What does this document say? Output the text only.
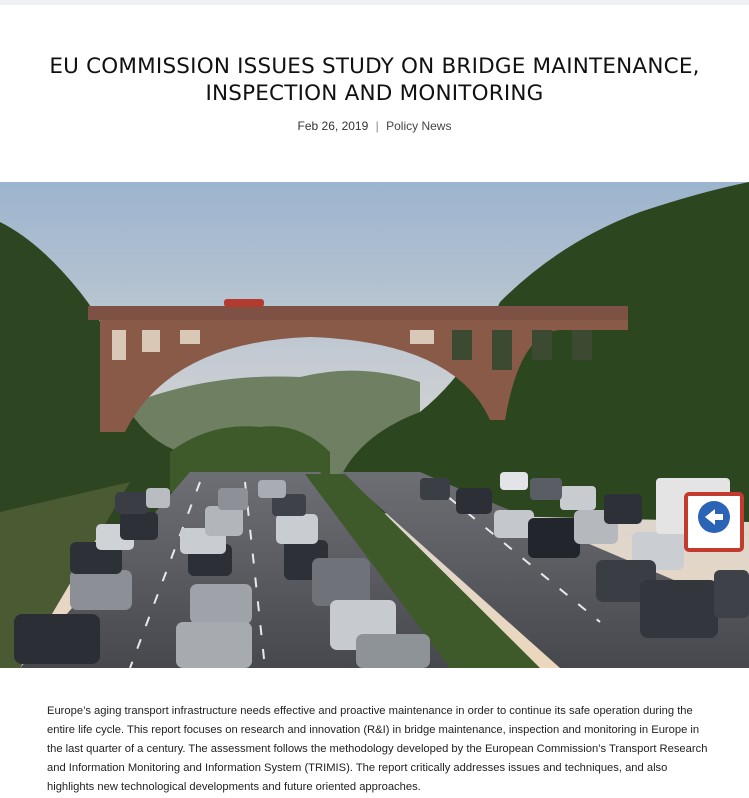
EU COMMISSION ISSUES STUDY ON BRIDGE MAINTENANCE, INSPECTION AND MONITORING
Feb 26, 2019 | Policy News
Europe’s aging transport infrastructure needs effective and proactive maintenance in order to continue its safe operation during the entire life cycle. This report focuses on research and innovation (R&I) in bridge maintenance, inspection and monitoring in Europe in the last quarter of a century. The assessment follows the methodology developed by the European Commission’s Transport Research and Information Monitoring and Information System (TRIMIS). The report critically addresses issues and techniques, and also highlights new technological developments and future oriented approaches.
